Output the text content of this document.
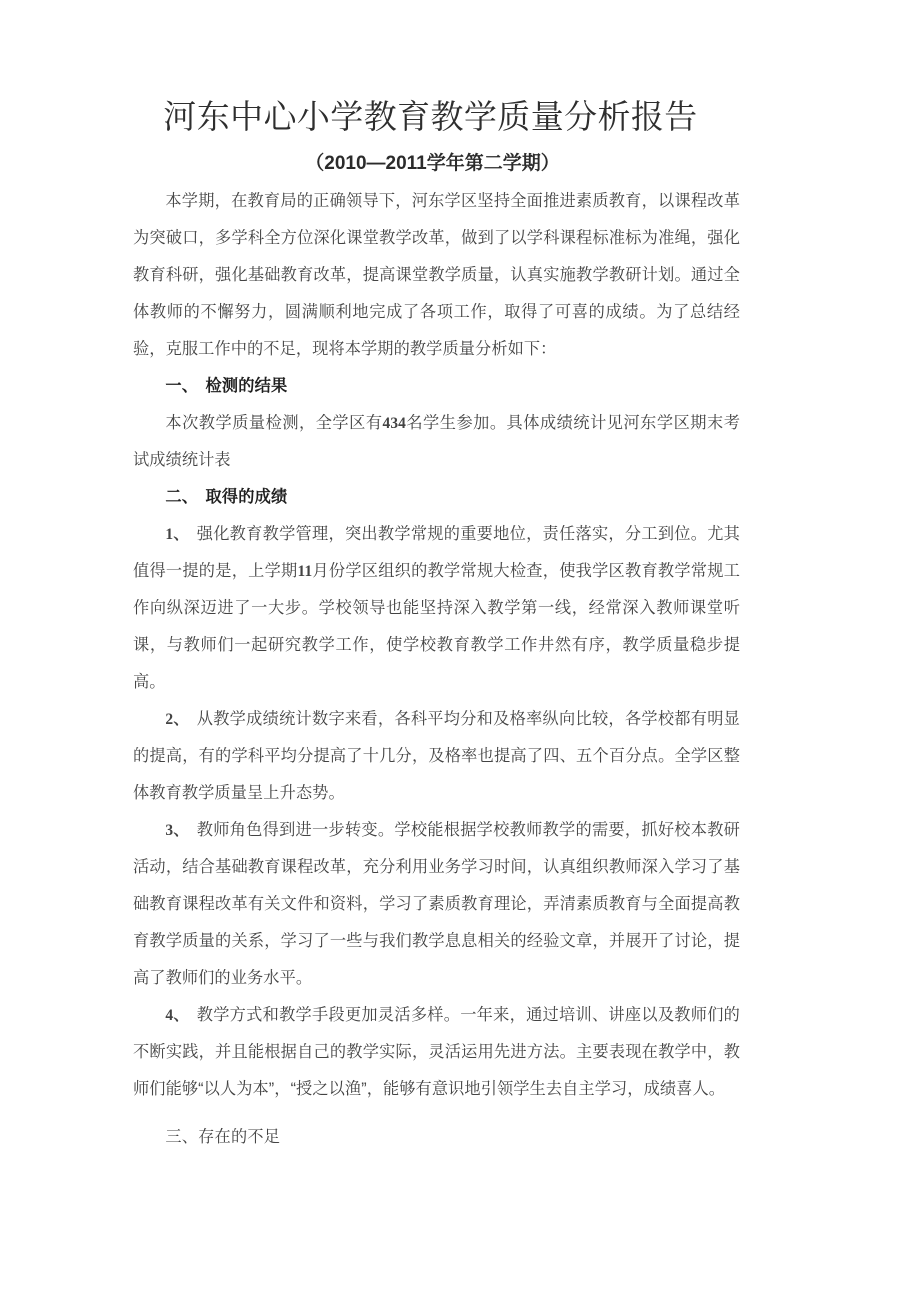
河东中心小学教育教学质量分析报告
（2010—2011学年第二学期）

本学期，在教育局的正确领导下，河东学区坚持全面推进素质教育，以课程改革为突破口，多学科全方位深化课堂教学改革，做到了以学科课程标准标为准绳，强化教育科研，强化基础教育改革，提高课堂教学质量，认真实施教学教研计划。通过全体教师的不懈努力，圆满顺利地完成了各项工作，取得了可喜的成绩。为了总结经验，克服工作中的不足，现将本学期的教学质量分析如下：

一、 检测的结果

本次教学质量检测，全学区有434名学生参加。具体成绩统计见河东学区期末考试成绩统计表

二、 取得的成绩

1、 强化教育教学管理，突出教学常规的重要地位，责任落实，分工到位。尤其值得一提的是，上学期11月份学区组织的教学常规大检查，使我学区教育教学常规工作向纵深迈进了一大步。学校领导也能坚持深入教学第一线，经常深入教师课堂听课，与教师们一起研究教学工作，使学校教育教学工作井然有序，教学质量稳步提高。

2、 从教学成绩统计数字来看，各科平均分和及格率纵向比较，各学校都有明显的提高，有的学科平均分提高了十几分，及格率也提高了四、五个百分点。全学区整体教育教学质量呈上升态势。

3、 教师角色得到进一步转变。学校能根据学校教师教学的需要，抓好校本教研活动，结合基础教育课程改革，充分利用业务学习时间，认真组织教师深入学习了基础教育课程改革有关文件和资料，学习了素质教育理论，弄清素质教育与全面提高教育教学质量的关系，学习了一些与我们教学息息相关的经验文章，并展开了讨论，提高了教师们的业务水平。

4、 教学方式和教学手段更加灵活多样。一年来，通过培训、讲座以及教师们的不断实践，并且能根据自己的教学实际，灵活运用先进方法。主要表现在教学中，教师们能够“以人为本”，“授之以渔”，能够有意识地引领学生去自主学习，成绩喜人。

三、存在的不足
